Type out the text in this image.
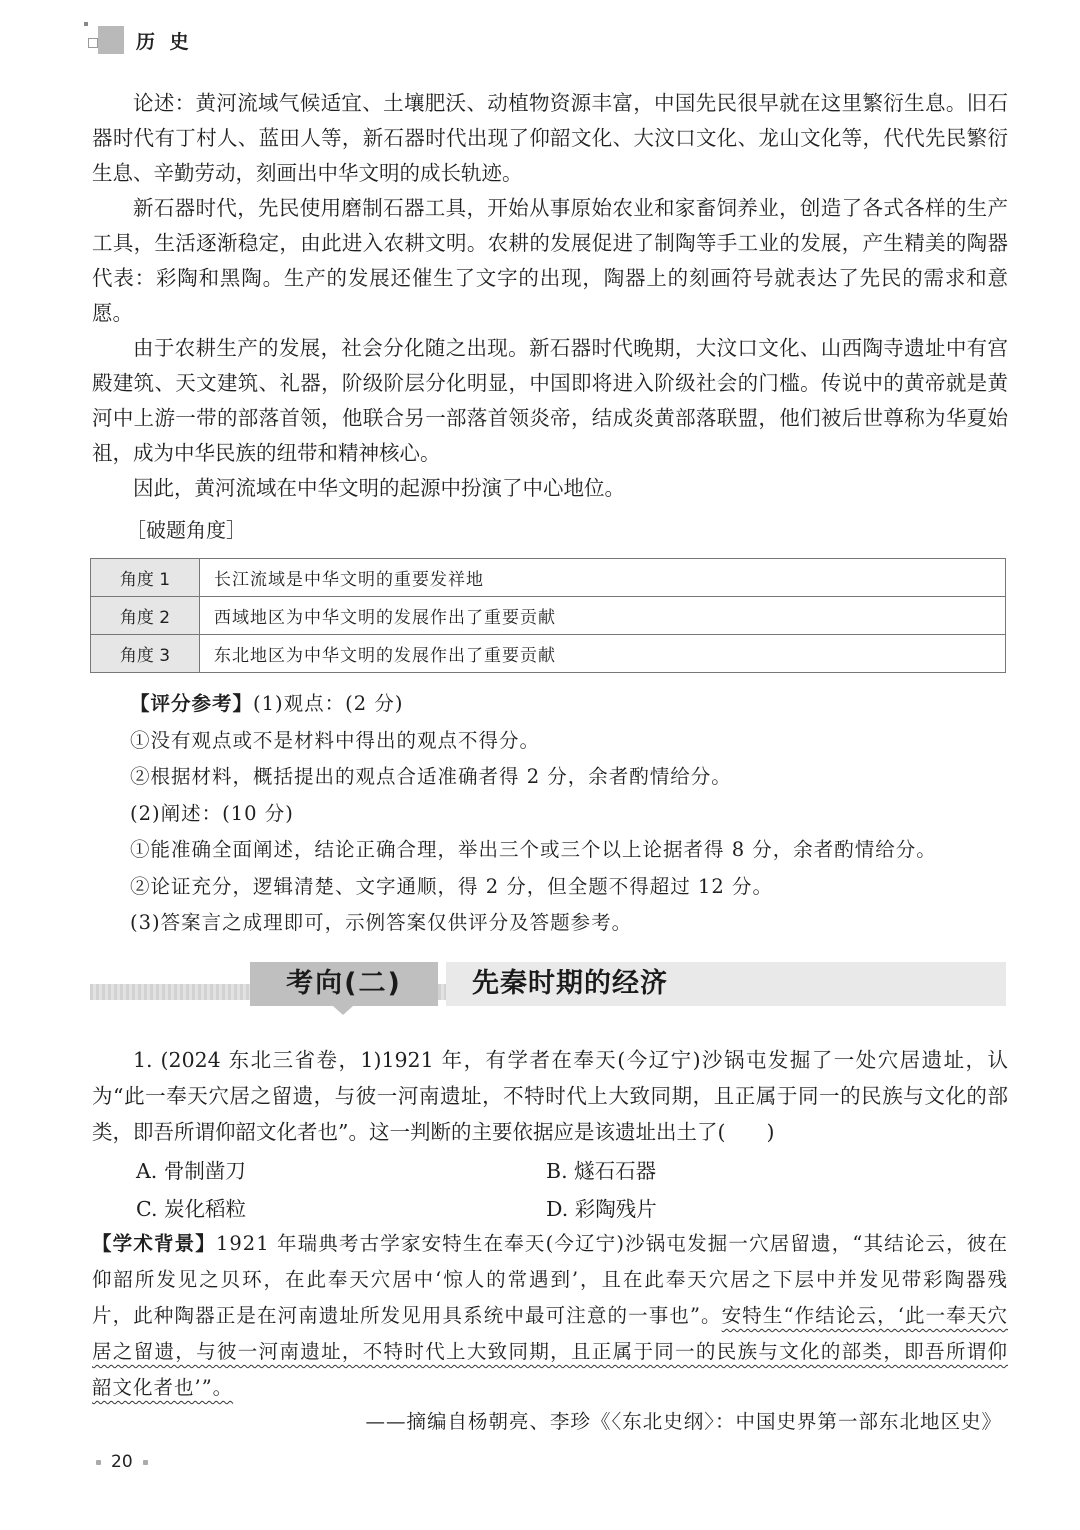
历 史

论述：黄河流域气候适宜、土壤肥沃、动植物资源丰富，中国先民很早就在这里繁衍生息。旧石器时代有丁村人、蓝田人等，新石器时代出现了仰韶文化、大汶口文化、龙山文化等，代代先民繁衍生息、辛勤劳动，刻画出中华文明的成长轨迹。

新石器时代，先民使用磨制石器工具，开始从事原始农业和家畜饲养业，创造了各式各样的生产工具，生活逐渐稳定，由此进入农耕文明。农耕的发展促进了制陶等手工业的发展，产生精美的陶器代表：彩陶和黑陶。生产的发展还催生了文字的出现，陶器上的刻画符号就表达了先民的需求和意愿。

由于农耕生产的发展，社会分化随之出现。新石器时代晚期，大汶口文化、山西陶寺遗址中有宫殿建筑、天文建筑、礼器，阶级阶层分化明显，中国即将进入阶级社会的门槛。传说中的黄帝就是黄河中上游一带的部落首领，他联合另一部落首领炎帝，结成炎黄部落联盟，他们被后世尊称为华夏始祖，成为中华民族的纽带和精神核心。

因此，黄河流域在中华文明的起源中扮演了中心地位。

［破题角度］
角度 1	长江流域是中华文明的重要发祥地
角度 2	西域地区为中华文明的发展作出了重要贡献
角度 3	东北地区为中华文明的发展作出了重要贡献
【评分参考】(1)观点：(2 分)
①没有观点或不是材料中得出的观点不得分。
②根据材料，概括提出的观点合适准确者得 2 分，余者酌情给分。
(2)阐述：(10 分)
①能准确全面阐述，结论正确合理，举出三个或三个以上论据者得 8 分，余者酌情给分。
②论证充分，逻辑清楚、文字通顺，得 2 分，但全题不得超过 12 分。
(3)答案言之成理即可，示例答案仅供评分及答题参考。
考向(二)	先秦时期的经济

1. (2024 东北三省卷，1)1921 年，有学者在奉天(今辽宁)沙锅屯发掘了一处穴居遗址，认为“此一奉天穴居之留遗，与彼一河南遗址，不特时代上大致同期，且正属于同一的民族与文化的部类，即吾所谓仰韶文化者也”。这一判断的主要依据应是该遗址出土了(　　)

A. 骨制凿刀	B. 燧石石器
C. 炭化稻粒	D. 彩陶残片

【学术背景】1921 年瑞典考古学家安特生在奉天(今辽宁)沙锅屯发掘一穴居留遗，“其结论云，彼在仰韶所发见之贝环，在此奉天穴居中‘惊人的常遇到’，且在此奉天穴居之下层中并发见带彩陶器残片，此种陶器正是在河南遗址所发见用具系统中最可注意的一事也”。安特生“作结论云，‘此一奉天穴居之留遗，与彼一河南遗址，不特时代上大致同期，且正属于同一的民族与文化的部类，即吾所谓仰韶文化者也’”。

——摘编自杨朝亮、李珍《〈东北史纲〉：中国史界第一部东北地区史》
20
